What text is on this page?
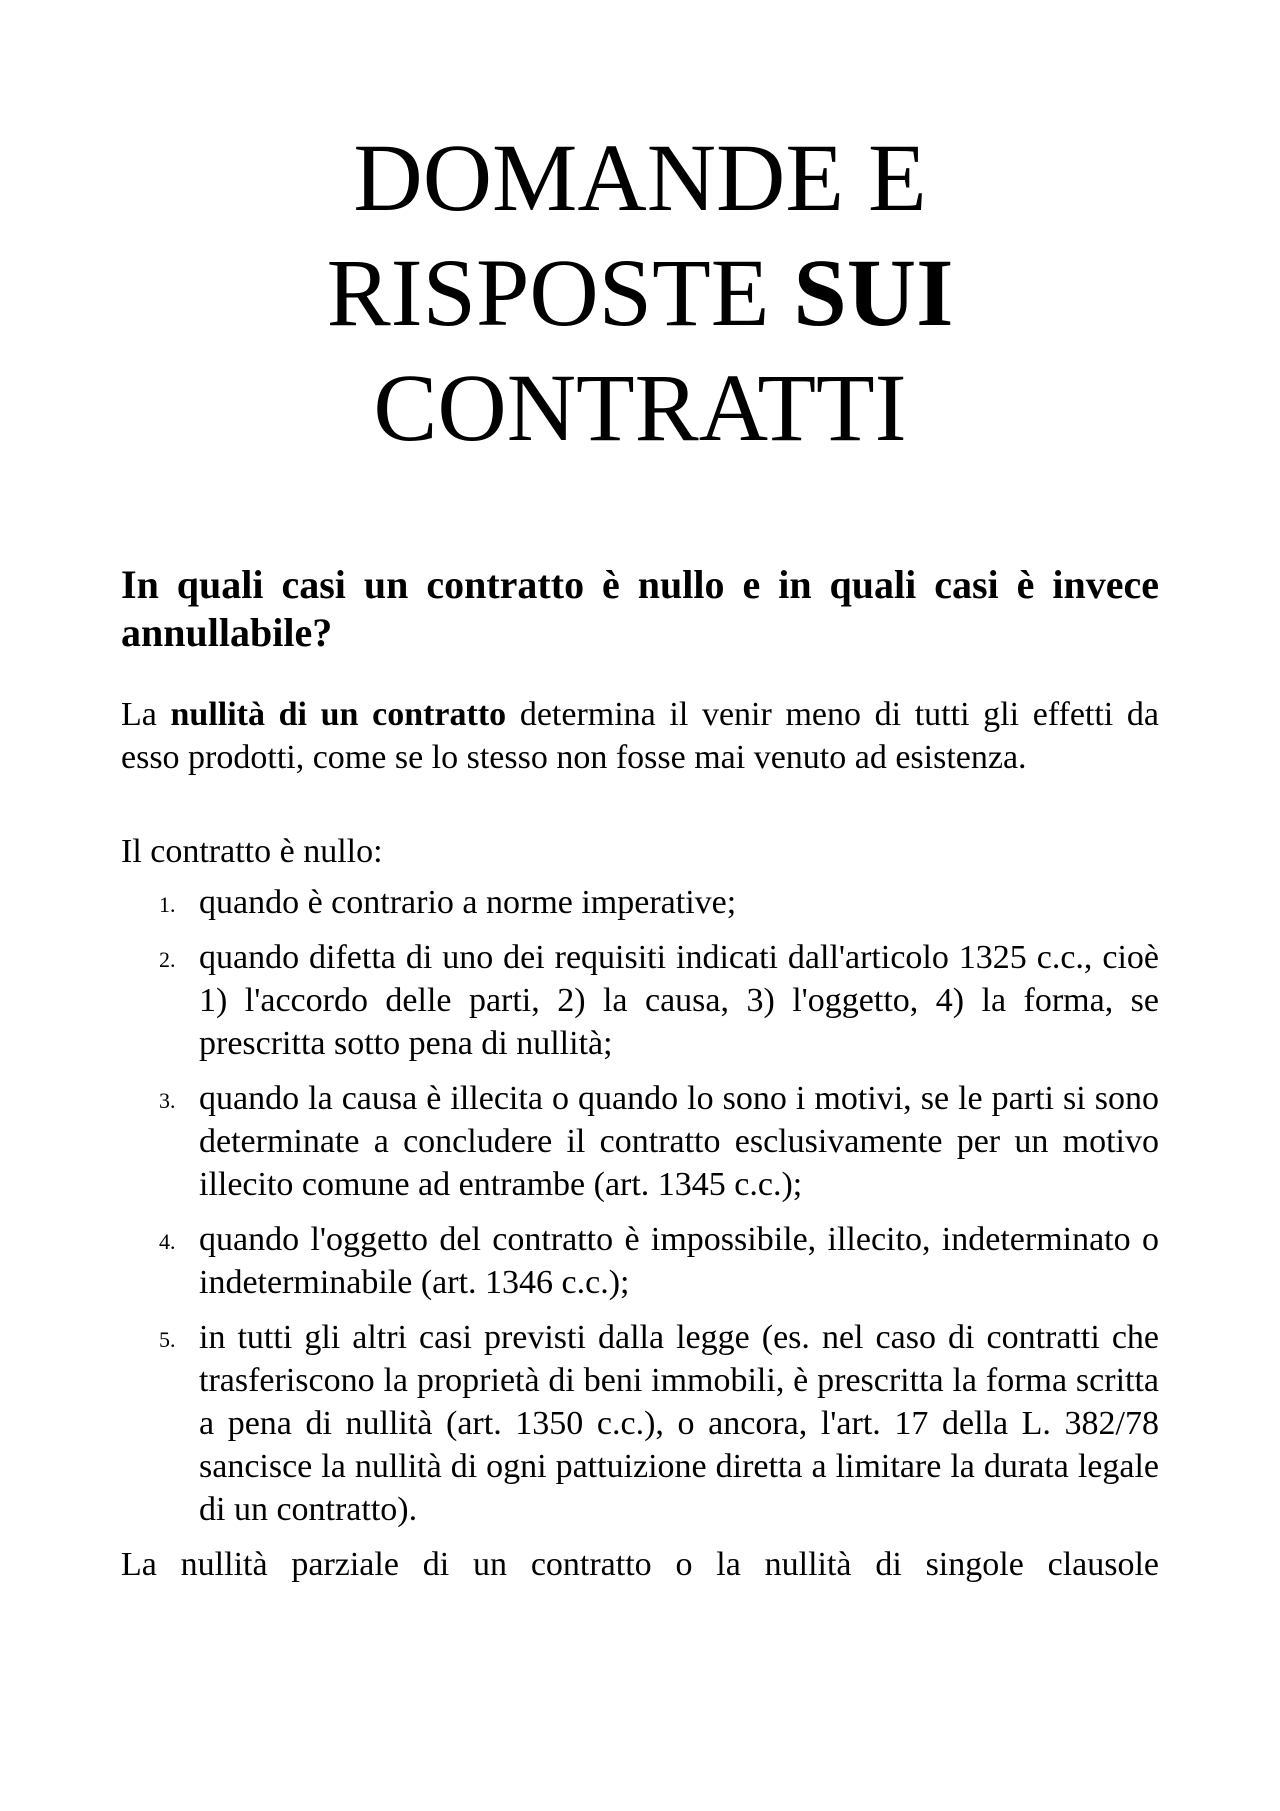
DOMANDE E
RISPOSTE SUI
CONTRATTI
In quali casi un contratto è nullo e in quali casi è invece annullabile?

La nullità di un contratto determina il venir meno di tutti gli effetti da esso prodotti, come se lo stesso non fosse mai venuto ad esistenza.

Il contratto è nullo:

1. quando è contrario a norme imperative;
2. quando difetta di uno dei requisiti indicati dall'articolo 1325 c.c., cioè 1) l'accordo delle parti, 2) la causa, 3) l'oggetto, 4) la forma, se prescritta sotto pena di nullità;
3. quando la causa è illecita o quando lo sono i motivi, se le parti si sono determinate a concludere il contratto esclusivamente per un motivo illecito comune ad entrambe (art. 1345 c.c.);
4. quando l'oggetto del contratto è impossibile, illecito, indeterminato o indeterminabile (art. 1346 c.c.);
5. in tutti gli altri casi previsti dalla legge (es. nel caso di contratti che trasferiscono la proprietà di beni immobili, è prescritta la forma scritta a pena di nullità (art. 1350 c.c.), o ancora, l'art. 17 della L. 382/78 sancisce la nullità di ogni pattuizione diretta a limitare la durata legale di un contratto).

La nullità parziale di un contratto o la nullità di singole clausole
